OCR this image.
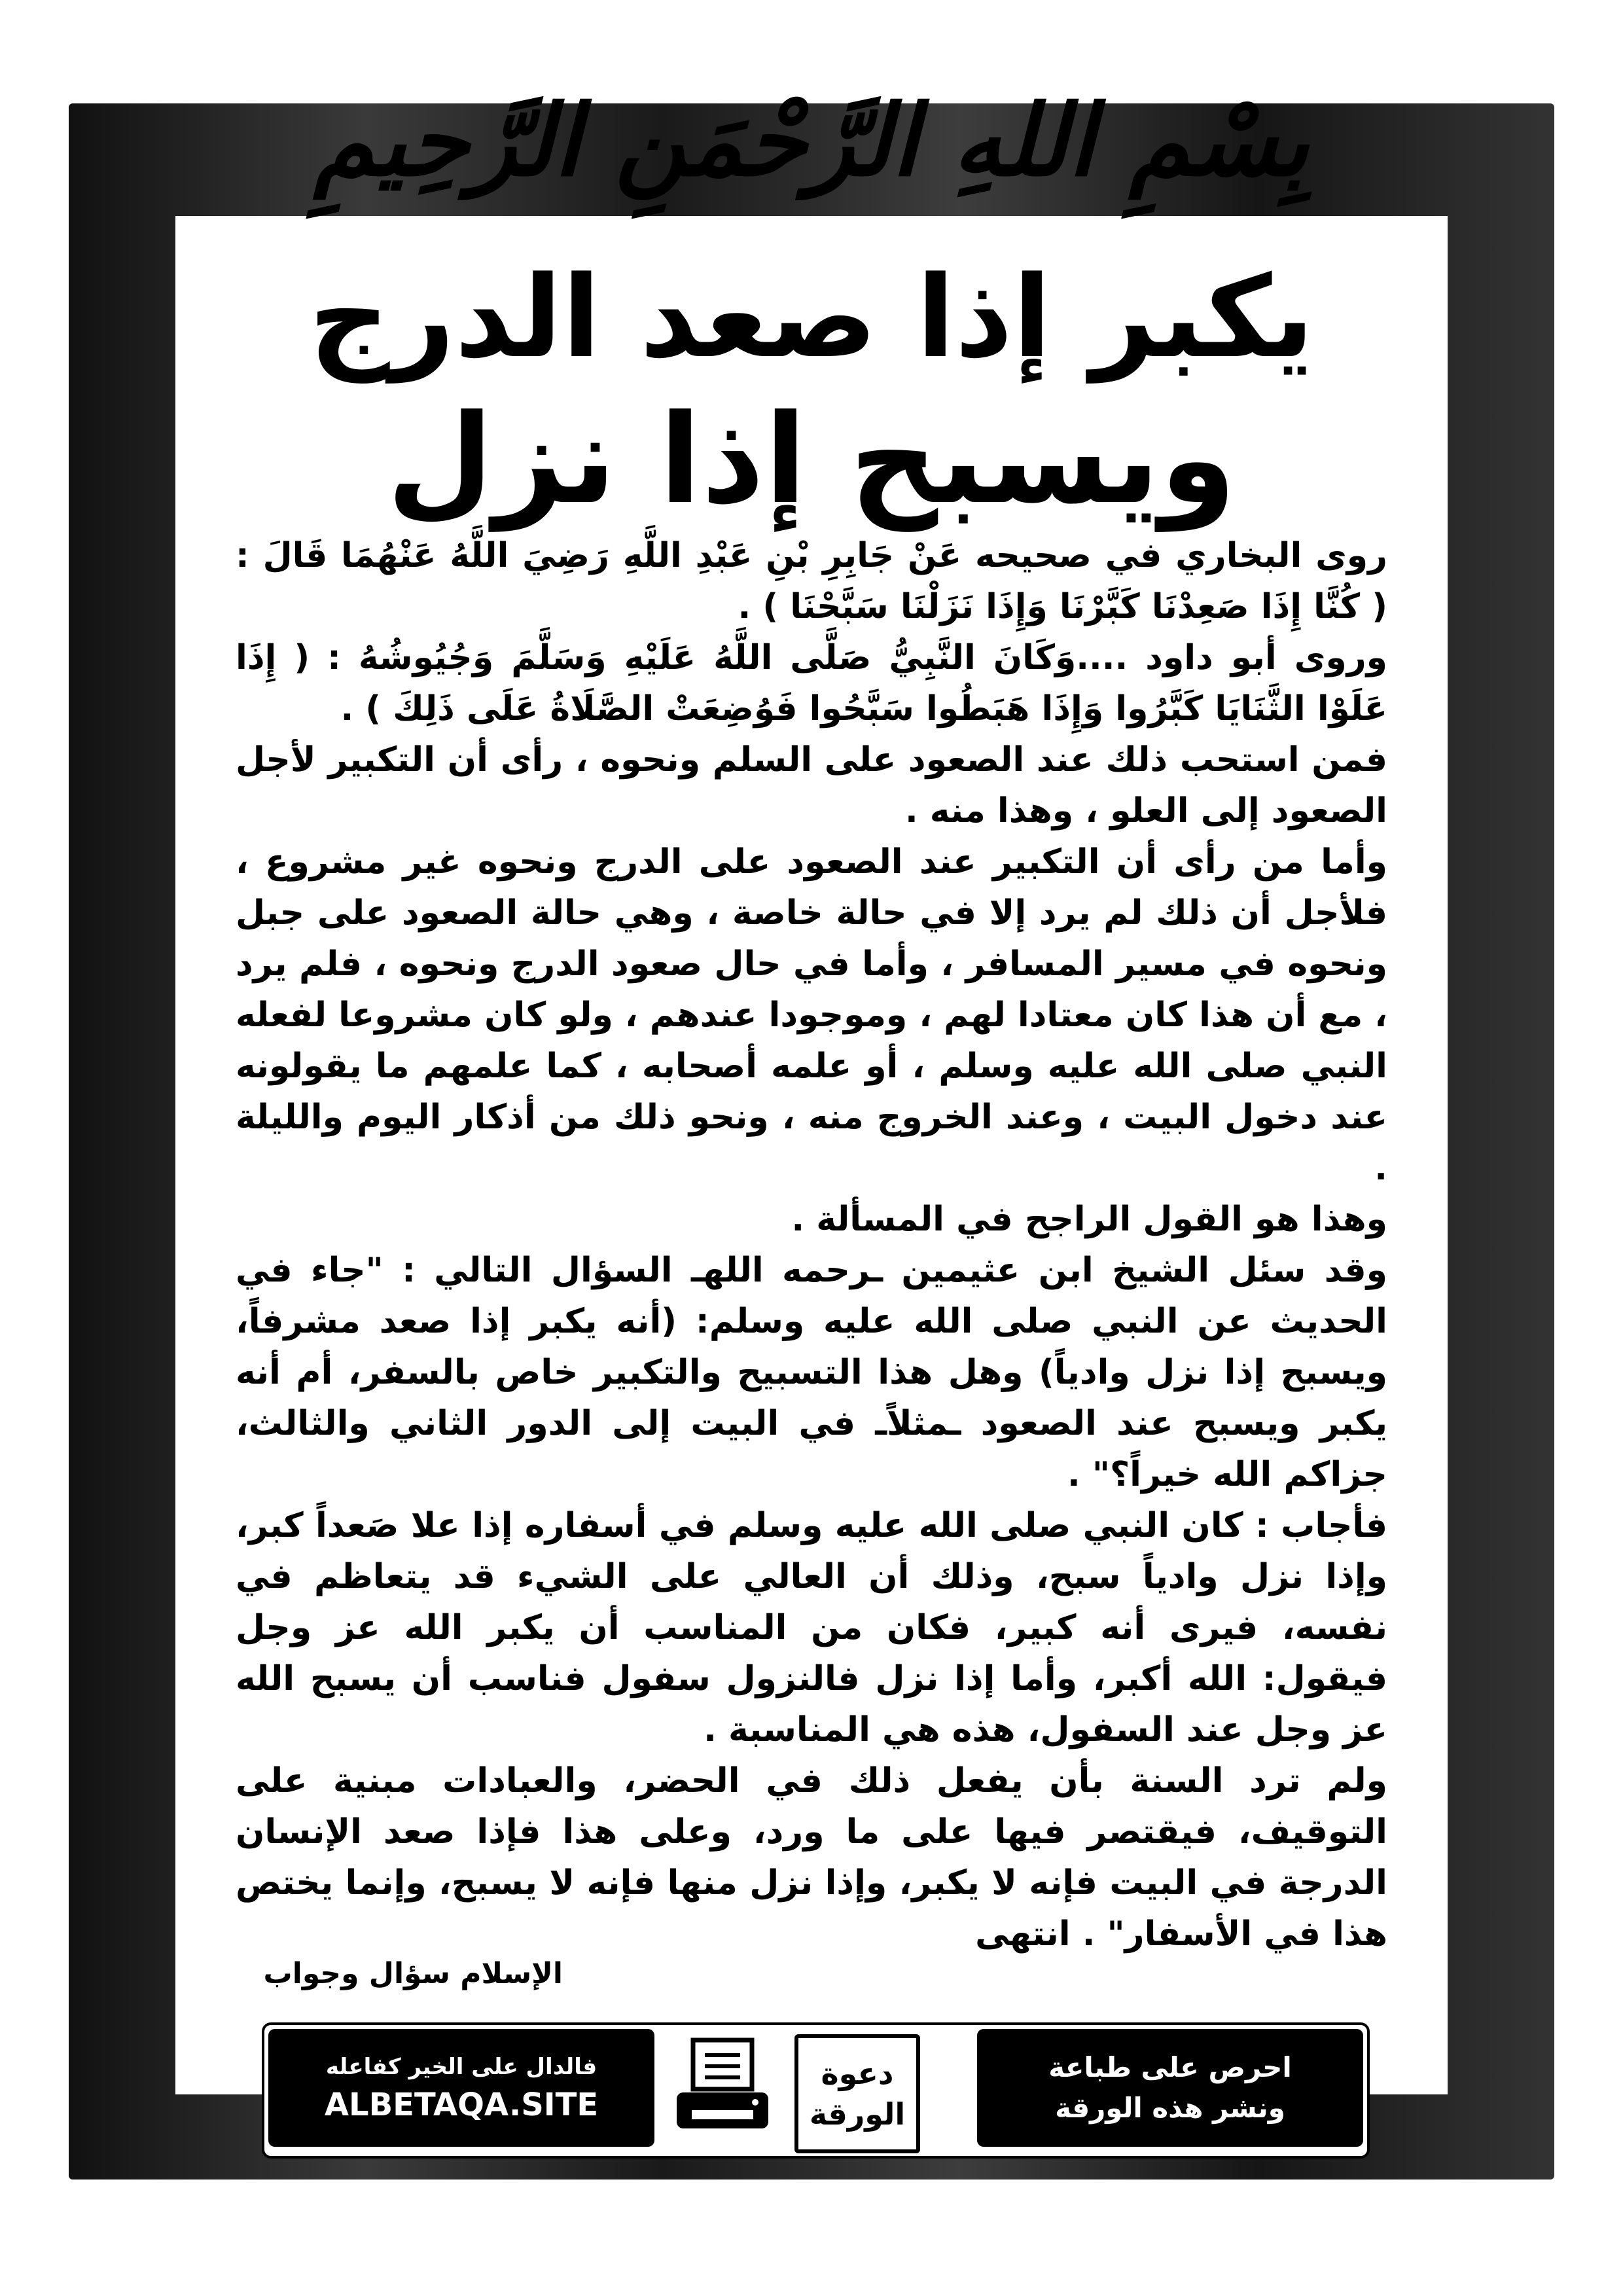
بِسْمِ اللهِ الرَّحْمَنِ الرَّحِيمِ
يكبر إذا صعد الدرج
ويسبح إذا نزل

روى البخاري في صحيحه عَنْ جَابِرِ بْنِ عَبْدِ اللَّهِ رَضِيَ اللَّهُ عَنْهُمَا قَالَ : ( كُنَّا إِذَا صَعِدْنَا كَبَّرْنَا وَإِذَا نَزَلْنَا سَبَّحْنَا ) .

وروى أبو داود ....وَكَانَ النَّبِيُّ صَلَّى اللَّهُ عَلَيْهِ وَسَلَّمَ وَجُيُوشُهُ : ( إِذَا عَلَوْا الثَّنَايَا كَبَّرُوا وَإِذَا هَبَطُوا سَبَّحُوا فَوُضِعَتْ الصَّلَاةُ عَلَى ذَلِكَ ) .

فمن استحب ذلك عند الصعود على السلم ونحوه ، رأى أن التكبير لأجل الصعود إلى العلو ، وهذا منه .

وأما من رأى أن التكبير عند الصعود على الدرج ونحوه غير مشروع ، فلأجل أن ذلك لم يرد إلا في حالة خاصة ، وهي حالة الصعود على جبل ونحوه في مسير المسافر ، وأما في حال صعود الدرج ونحوه ، فلم يرد ، مع أن هذا كان معتادا لهم ، وموجودا عندهم ، ولو كان مشروعا لفعله النبي صلى الله عليه وسلم ، أو علمه أصحابه ، كما علمهم ما يقولونه عند دخول البيت ، وعند الخروج منه ، ونحو ذلك من أذكار اليوم والليلة .

وهذا هو القول الراجح في المسألة .

وقد سئل الشيخ ابن عثيمين ـرحمه اللهـ السؤال التالي : "جاء في الحديث عن النبي صلى الله عليه وسلم: (أنه يكبر إذا صعد مشرفاً، ويسبح إذا نزل وادياً) وهل هذا التسبيح والتكبير خاص بالسفر، أم أنه يكبر ويسبح عند الصعود ـمثلاًـ في البيت إلى الدور الثاني والثالث، جزاكم الله خيراً؟" .

فأجاب : كان النبي صلى الله عليه وسلم في أسفاره إذا علا صَعداً كبر، وإذا نزل وادياً سبح، وذلك أن العالي على الشيء قد يتعاظم في نفسه، فيرى أنه كبير، فكان من المناسب أن يكبر الله عز وجل فيقول: الله أكبر، وأما إذا نزل فالنزول سفول فناسب أن يسبح الله عز وجل عند السفول، هذه هي المناسبة .

ولم ترد السنة بأن يفعل ذلك في الحضر، والعبادات مبنية على التوقيف، فيقتصر فيها على ما ورد، وعلى هذا فإذا صعد الإنسان الدرجة في البيت فإنه لا يكبر، وإذا نزل منها فإنه لا يسبح، وإنما يختص هذا في الأسفار" . انتهى

الإسلام سؤال وجواب
فالدال على الخير كفاعله
ALBETAQA.SITE
دعوة
الورقة
احرص على طباعة
ونشر هذه الورقة
